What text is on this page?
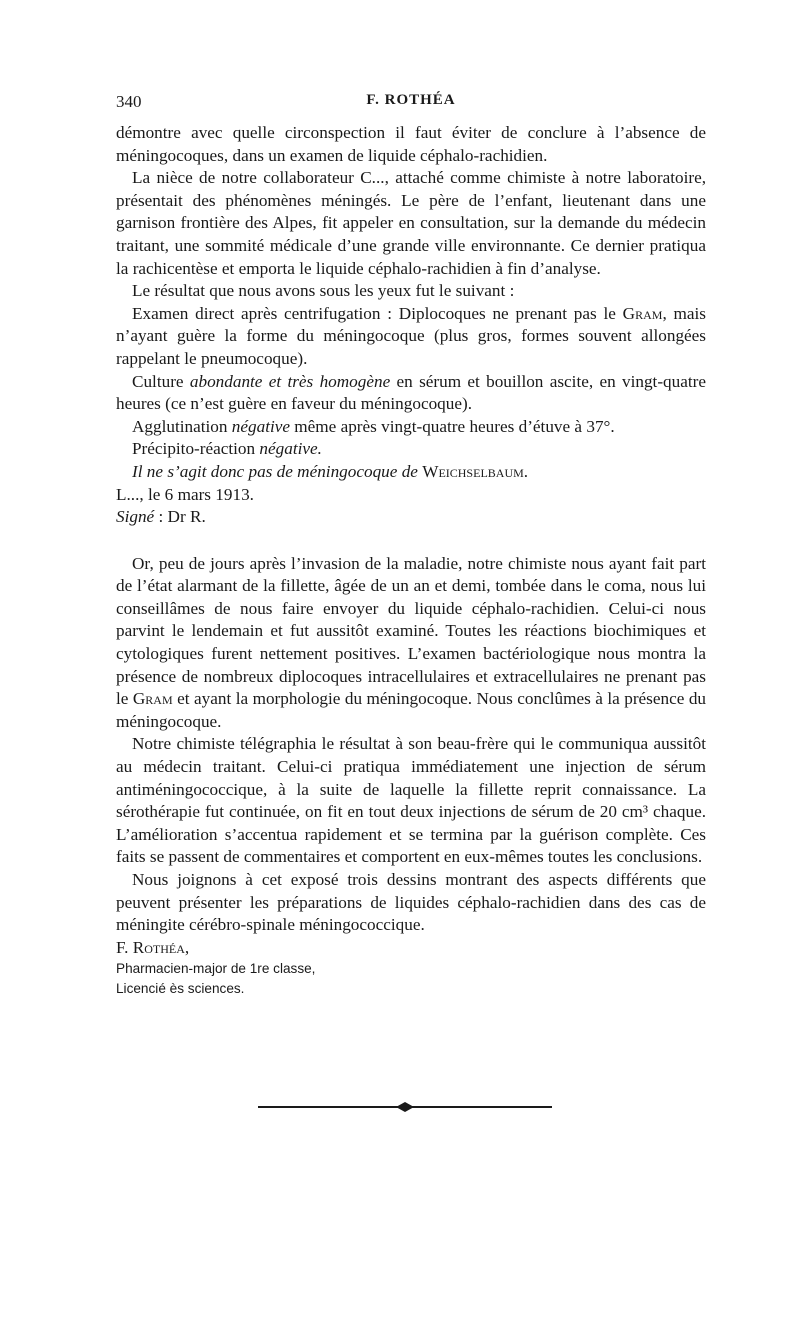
340	F. ROTHÉA

démontre avec quelle circonspection il faut éviter de conclure à l’absence de méningocoques, dans un examen de liquide céphalo-rachidien.

La nièce de notre collaborateur C..., attaché comme chimiste à notre laboratoire, présentait des phénomènes méningés. Le père de l’enfant, lieutenant dans une garnison frontière des Alpes, fit appeler en consultation, sur la demande du médecin traitant, une sommité médicale d’une grande ville environnante. Ce dernier pratiqua la rachicentèse et emporta le liquide céphalo-rachidien à fin d’analyse.

Le résultat que nous avons sous les yeux fut le suivant :

Examen direct après centrifugation : Diplocoques ne prenant pas le Gram, mais n’ayant guère la forme du méningocoque (plus gros, formes souvent allongées rappelant le pneumocoque).

Culture abondante et très homogène en sérum et bouillon ascite, en vingt-quatre heures (ce n’est guère en faveur du méningocoque).

Agglutination négative même après vingt-quatre heures d’étuve à 37°.

Précipito-réaction négative.

Il ne s’agit donc pas de méningocoque de Weichselbaum.

L..., le 6 mars 1913.

Signé : Dr R.

Or, peu de jours après l’invasion de la maladie, notre chimiste nous ayant fait part de l’état alarmant de la fillette, âgée de un an et demi, tombée dans le coma, nous lui conseillâmes de nous faire envoyer du liquide céphalo-rachidien. Celui-ci nous parvint le lendemain et fut aussitôt examiné. Toutes les réactions biochimiques et cytologiques furent nettement positives. L’examen bactériologique nous montra la présence de nombreux diplocoques intracellulaires et extracellulaires ne prenant pas le Gram et ayant la morphologie du méningocoque. Nous conclûmes à la présence du méningocoque.

Notre chimiste télégraphia le résultat à son beau-frère qui le communiqua aussitôt au médecin traitant. Celui-ci pratiqua immédiatement une injection de sérum antiméningococcique, à la suite de laquelle la fillette reprit connaissance. La sérothérapie fut continuée, on fit en tout deux injections de sérum de 20 cm³ chaque. L’amélioration s’accentua rapidement et se termina par la guérison complète. Ces faits se passent de commentaires et comportent en eux-mêmes toutes les conclusions.

Nous joignons à cet exposé trois dessins montrant des aspects différents que peuvent présenter les préparations de liquides céphalo-rachidien dans des cas de méningite cérébro-spinale méningococcique.

F. Rothéa,

Pharmacien-major de 1re classe,

Licencié ès sciences.
